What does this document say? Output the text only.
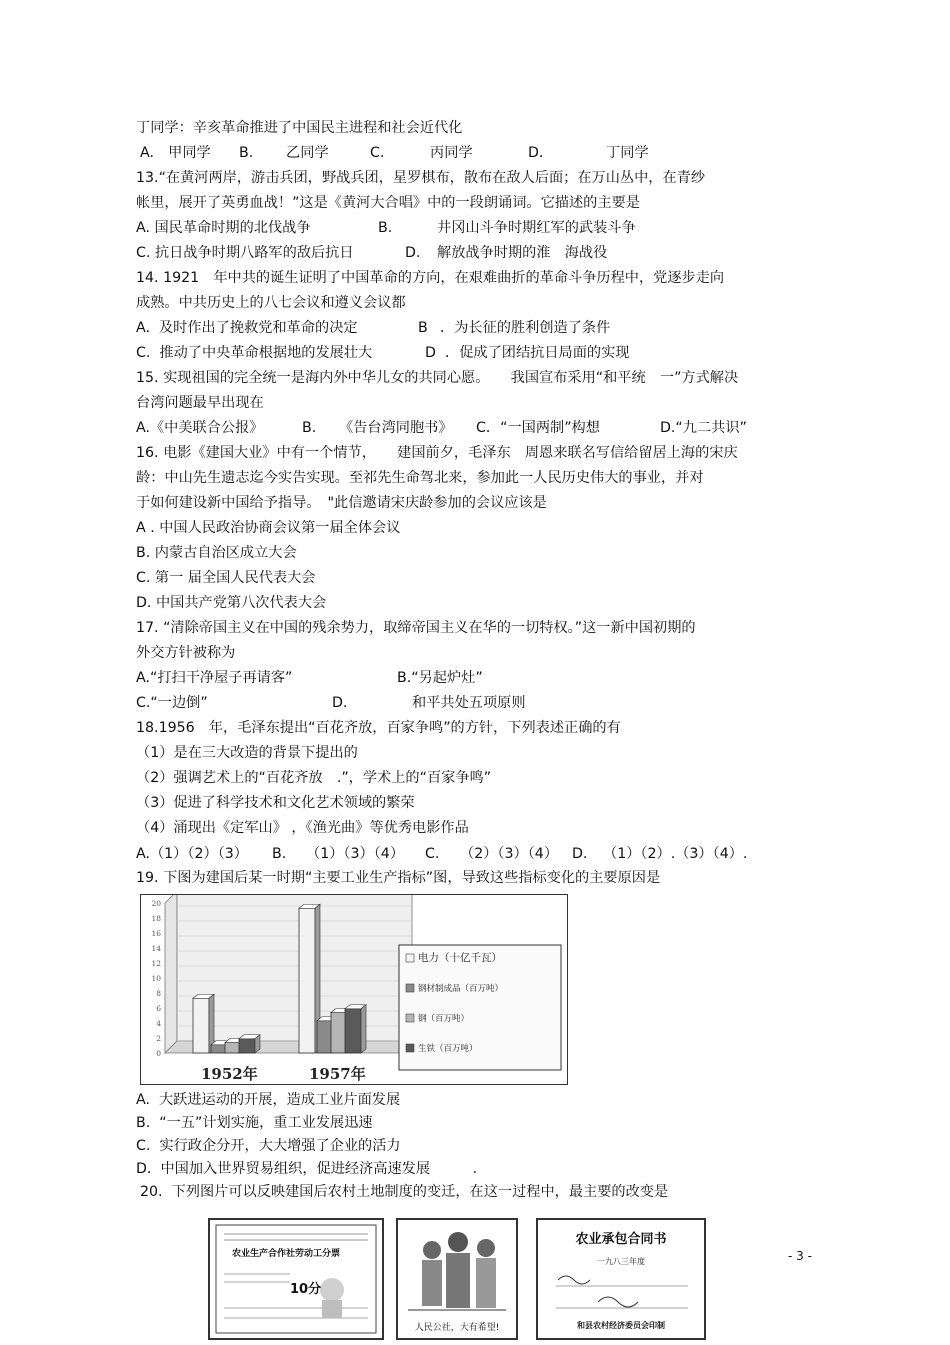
丁同学：辛亥革命推进了中国民主进程和社会近代化
A.　甲同学 B. 乙同学	C.	丙同学	D.	丁同学
13.“在黄河两岸，游击兵团，野战兵团，星罗棋布，散布在敌人后面；在万山丛中，在青纱
帐里，展开了英勇血战！”这是《黄河大合唱》中的一段朗诵词。它描述的主要是
A. 国民革命时期的北伐战争	B.	井冈山斗争时期红军的武装斗争
C. 抗日战争时期八路军的敌后抗日	D. 解放战争时期的淮　海战役
14. 1921　年中共的诞生证明了中国革命的方向，在艰难曲折的革命斗争历程中，党逐步走向
成熟。中共历史上的八七会议和遵义会议都
A.  及时作出了挽救党和革命的决定	B ．为长征的胜利创造了条件
C.  推动了中央革命根据地的发展壮大	D ．促成了团结抗日局面的实现
15. 实现祖国的完全统一是海内外中华儿女的共同心愿。　　我国宣布采用“和平统　一”方式解决
台湾问题最早出现在
A.《中美联合公报》	B. 《告台湾同胞书》 C．“一国两制”构想	D.“九二共识”
16. 电影《建国大业》中有一个情节，　　建国前夕，毛泽东　周恩来联名写信给留居上海的宋庆
龄：中山先生遗志迄今实告实现。至祁先生命驾北来，参加此一人民历史伟大的事业，并对
于如何建设新中国给予指导。　"此信邀请宋庆龄参加的会议应该是
A . 中国人民政治协商会议第一届全体会议
B. 内蒙古自治区成立大会
C. 第一 届全国人民代表大会
D. 中国共产党第八次代表大会
17. “清除帝国主义在中国的残余势力，取缔帝国主义在华的一切特权。”这一新中国初期的
外交方针被称为
A.“打扫干净屋子再请客”	B.“另起炉灶”
C.“一边倒”	D.	和平共处五项原则
18.1956　年，毛泽东提出“百花齐放，百家争鸣”的方针，下列表述正确的有
（1）是在三大改造的背景下提出的
（2）强调艺术上的“百花齐放　.”，学术上的“百家争鸣”
（3）促进了科学技术和文化艺术领域的繁荣
（4）涌现出《定军山》 ，《渔光曲》等优秀电影作品
A.（1）（2）（3） B. （1）（3）（4） C. （2）（3）（4） D. （1）（2）.（3）（4）.
19. 下图为建国后某一时期“主要工业生产指标”图，导致这些指标变化的主要原因是
0
2
4
6
8
10
12
14
16
18
20
1952年	1957年
电力（十亿千瓦）
钢材制成品（百万吨）
钢（百万吨）
生铁（百万吨）
A.  大跃进运动的开展，造成工业片面发展
B.  “一五”计划实施，重工业发展迅速
C.  实行政企分开，大大增强了企业的活力
D.  中国加入世界贸易组织，促进经济高速发展　　　.
20.  下列图片可以反映建国后农村土地制度的变迁，在这一过程中，最主要的改变是
农业生产合作社劳动工分票
10分
人民公社，大有希望!
农业承包合同书
一九八三年度
和县农村经济委员会印制
- 3 -
